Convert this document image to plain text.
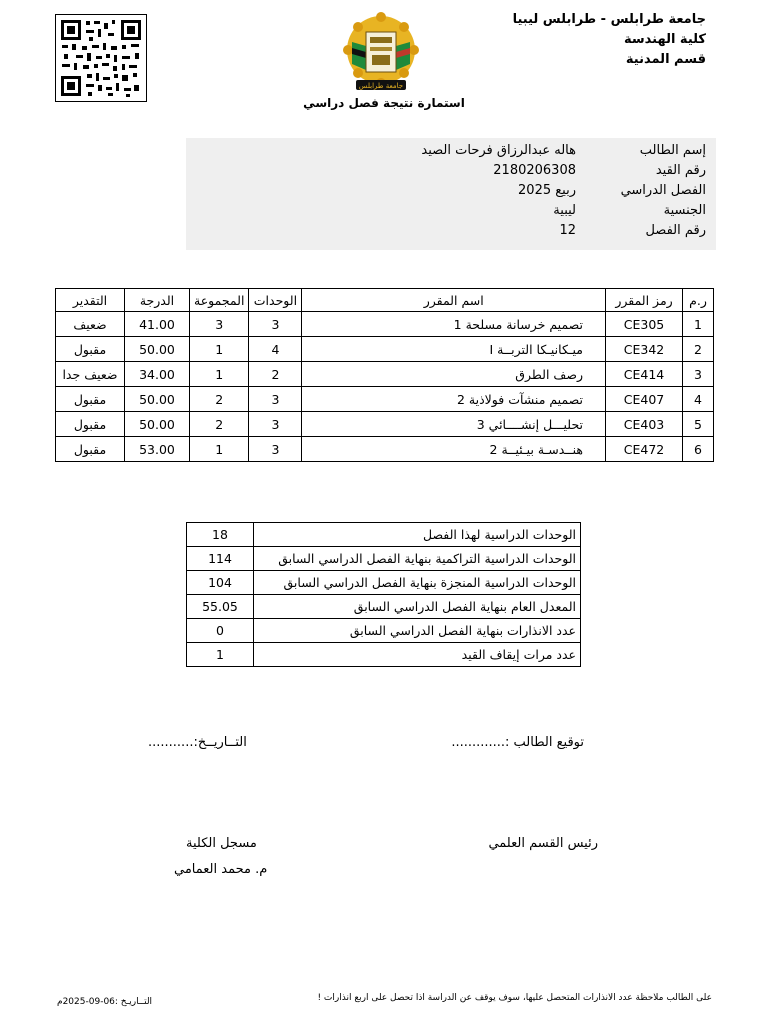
جامعة طرابلس - طرابلس ليبيا
كلية الهندسة
قسم المدنية
جامعة طرابلس
استمارة نتيجة فصل دراسي
إسم الطالب
هاله عبدالرزاق فرحات الصيد
رقم القيد
2180206308
الفصل الدراسي
ربيع 2025
الجنسية
ليبية
رقم الفصل
12
التقدير	الدرجة	المجموعة	الوحدات	اسم المقرر	رمز المقرر	ر.م
ضعيف	41.00	3	3	تصميم خرسانة مسلحة 1	CE305	1
مقبول	50.00	1	4	ميـكانيـكا التربــة I	CE342	2
ضعيف جدا	34.00	1	2	رصف الطرق	CE414	3
مقبول	50.00	2	3	تصميم منشآت فولاذية 2	CE407	4
مقبول	50.00	2	3	تحليـــل إنشــــائي 3	CE403	5
مقبول	53.00	1	3	هنــدسـة بيـئيــة 2	CE472	6
18	الوحدات الدراسية لهذا الفصل
114	الوحدات الدراسية التراكمية بنهاية الفصل الدراسي السابق
104	الوحدات الدراسية المنجزة بنهاية الفصل الدراسي السابق
55.05	المعدل العام بنهاية الفصل الدراسي السابق
0	عدد الانذارات بنهاية الفصل الدراسي السابق
1	عدد مرات إيقاف القيد
توقيع الطالب :.............
التــاريــخ:...........
رئيس القسم العلمي
مسجل الكلية
م. محمد العمامي
على الطالب ملاحظة عدد الانذارات المتحصل عليها، سوف يوقف عن الدراسة اذا تحصل على اربع انذارات !
التــاريـخ :06-09-2025م
